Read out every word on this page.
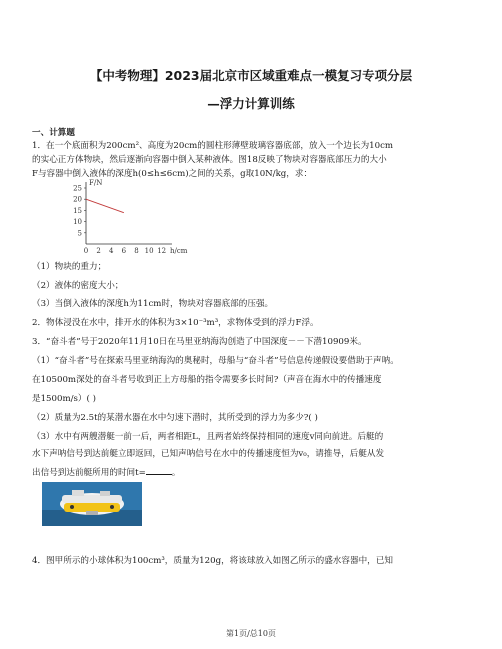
【中考物理】2023届北京市区域重难点一模复习专项分层
—浮力计算训练
一、计算题
1．在一个底面积为200cm²、高度为20cm的圆柱形薄壁玻璃容器底部，放入一个边长为10cm
的实心正方体物块，然后逐渐向容器中倒入某种液体。图18反映了物块对容器底部压力的大小
F与容器中倒入液体的深度h(0≤h≤6cm)之间的关系，g取10N/kg，求：
F/N
h/cm
25
20
15
10
5
0 2 4 6 8 10 12
（1）物块的重力；
（2）液体的密度大小；
（3）当倒入液体的深度h为11cm时，物块对容器底部的压强。
2．物体浸没在水中，排开水的体积为3×10⁻³m³，求物体受到的浮力F浮。
3．“奋斗者”号于2020年11月10日在马里亚纳海沟创造了中国深度－－下潜10909米。
（1）“奋斗者”号在探索马里亚纳海沟的奥秘时，母船与“奋斗者”号信息传递假设要借助于声呐。
在10500m深处的奋斗者号收到正上方母船的指令需要多长时间?（声音在海水中的传播速度
是1500m/s）( )
（2）质量为2.5t的某潜水器在水中匀速下潜时，其所受到的浮力为多少?( )
（3）水中有两艘潜艇一前一后，两者相距L，且两者始终保持相同的速度v同向前进。后艇的
水下声呐信号到达前艇立即返回，已知声呐信号在水中的传播速度恒为v₀，请推导，后艇从发
出信号到达前艇所用的时间t=	。
4．图甲所示的小球体积为100cm³，质量为120g，将该球放入如图乙所示的盛水容器中，已知
第1页/总10页
